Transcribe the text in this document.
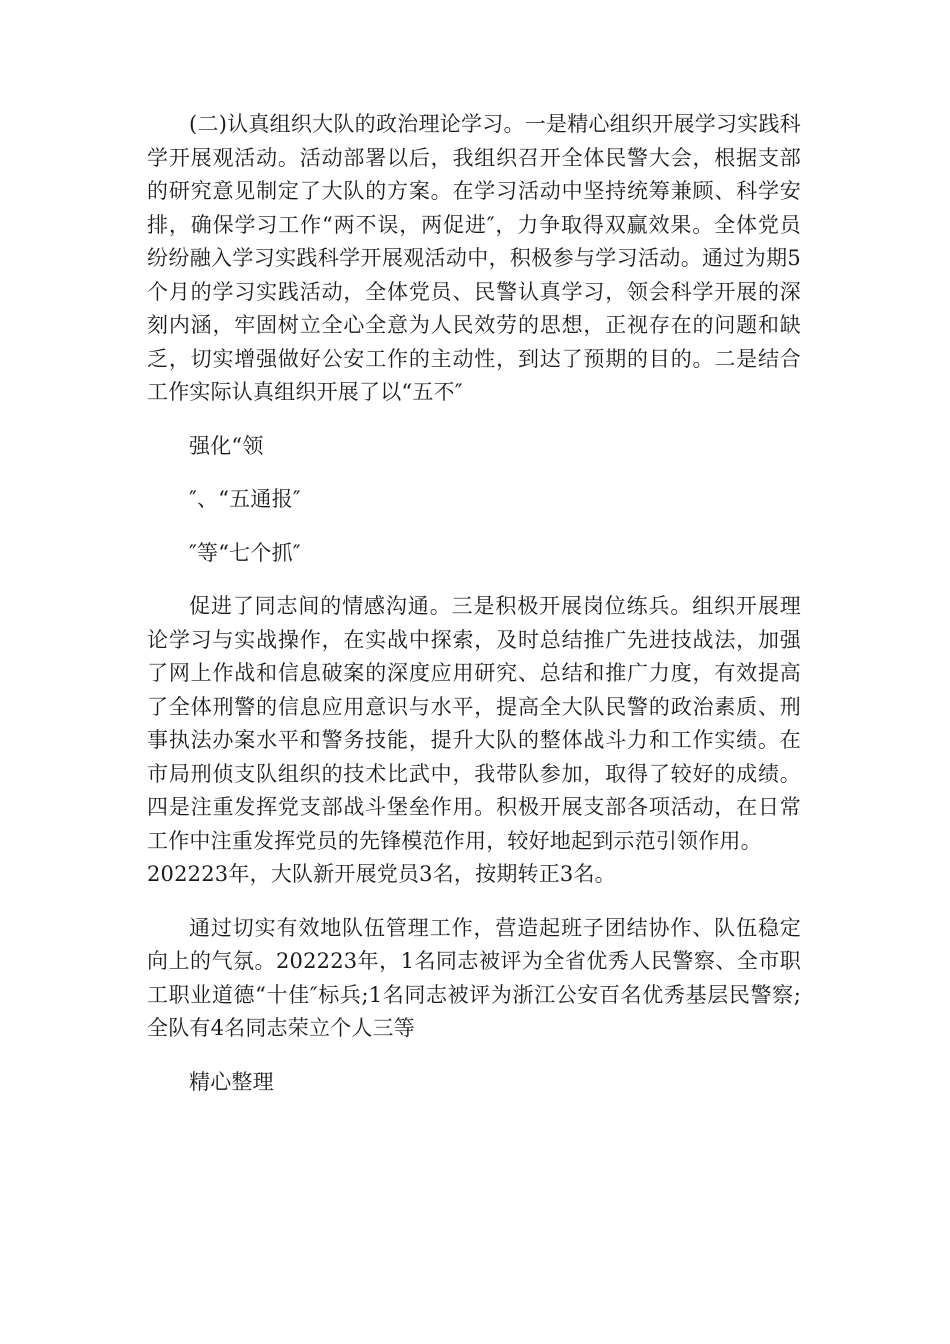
(二)认真组织大队的政治理论学习。一是精心组织开展学习实践科学开展观活动。活动部署以后，我组织召开全体民警大会，根据支部的研究意见制定了大队的方案。在学习活动中坚持统筹兼顾、科学安排，确保学习工作“两不误，两促进″，力争取得双赢效果。全体党员纷纷融入学习实践科学开展观活动中，积极参与学习活动。通过为期5个月的学习实践活动，全体党员、民警认真学习，领会科学开展的深刻内涵，牢固树立全心全意为人民效劳的思想，正视存在的问题和缺乏，切实增强做好公安工作的主动性，到达了预期的目的。二是结合工作实际认真组织开展了以“五不″

强化“领

″、“五通报″

″等“七个抓″

促进了同志间的情感沟通。三是积极开展岗位练兵。组织开展理论学习与实战操作，在实战中探索，及时总结推广先进技战法，加强了网上作战和信息破案的深度应用研究、总结和推广力度，有效提高了全体刑警的信息应用意识与水平，提高全大队民警的政治素质、刑事执法办案水平和警务技能，提升大队的整体战斗力和工作实绩。在市局刑侦支队组织的技术比武中，我带队参加，取得了较好的成绩。四是注重发挥党支部战斗堡垒作用。积极开展支部各项活动，在日常工作中注重发挥党员的先锋模范作用，较好地起到示范引领作用。

202223年，大队新开展党员3名，按期转正3名。

通过切实有效地队伍管理工作，营造起班子团结协作、队伍稳定向上的气氛。202223年，1名同志被评为全省优秀人民警察、全市职工职业道德“十佳″标兵;1名同志被评为浙江公安百名优秀基层民警察;全队有4名同志荣立个人三等

精心整理
